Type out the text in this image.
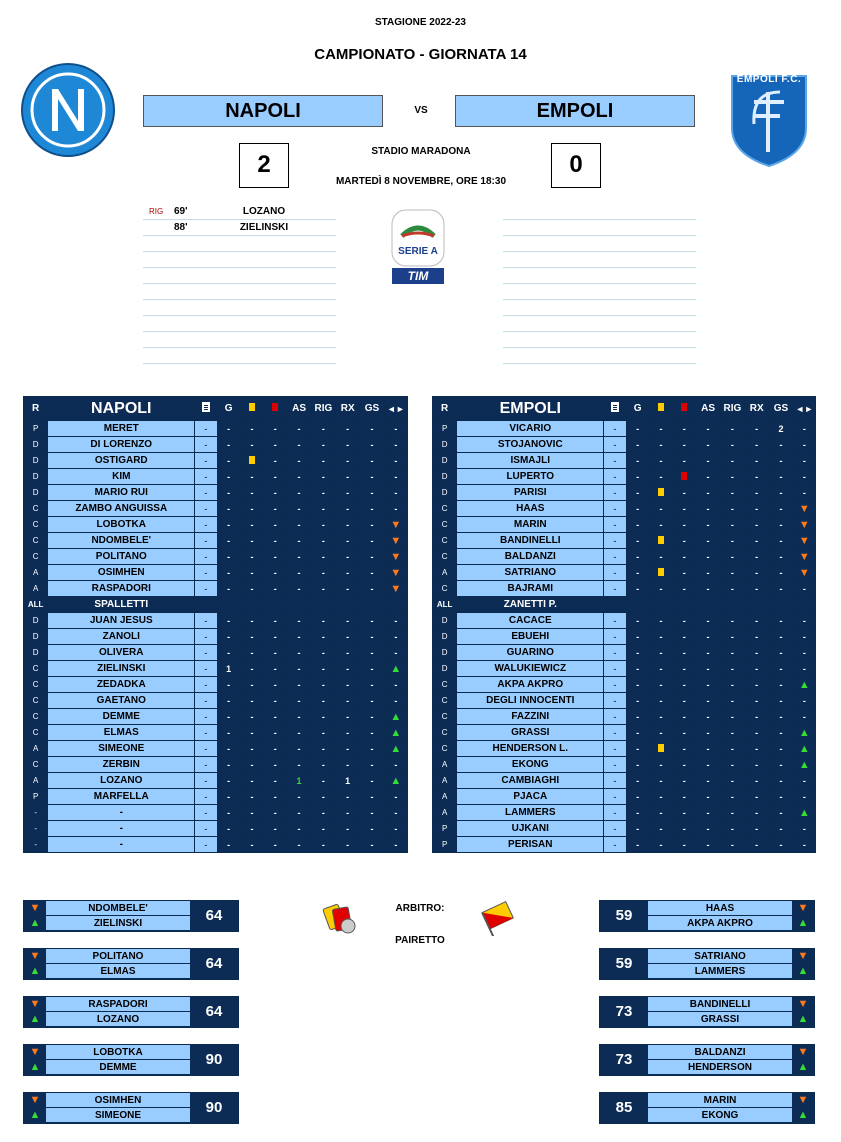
STAGIONE 2022-23
CAMPIONATO - GIORNATA 14
EMPOLI F.C.
NAPOLI	VS	EMPOLI
2	0
STADIO MARADONA
MARTEDÌ 8 NOVEMBRE, ORE 18:30
SERIE A
TIM
RIG 69'	LOZANO
88'	ZIELINSKI
R	NAPOLI		G			AS	RIG	RX	GS	◄►
P	MERET	-	-	-	-	-	-	-	-	-
D	DI LORENZO	-	-	-	-	-	-	-	-	-
D	OSTIGARD	-	-		-	-	-	-	-	-
D	KIM	-	-	-	-	-	-	-	-	-
D	MARIO RUI	-	-	-	-	-	-	-	-	-
C	ZAMBO ANGUISSA	-	-	-	-	-	-	-	-	-
C	LOBOTKA	-	-	-	-	-	-	-	-	▼
C	NDOMBELE'	-	-	-	-	-	-	-	-	▼
C	POLITANO	-	-	-	-	-	-	-	-	▼
A	OSIMHEN	-	-	-	-	-	-	-	-	▼
A	RASPADORI	-	-	-	-	-	-	-	-	▼
ALL	SPALLETTI									
D	JUAN JESUS	-	-	-	-	-	-	-	-	-
D	ZANOLI	-	-	-	-	-	-	-	-	-
D	OLIVERA	-	-	-	-	-	-	-	-	-
C	ZIELINSKI	-	1	-	-	-	-	-	-	▲
C	ZEDADKA	-	-	-	-	-	-	-	-	-
C	GAETANO	-	-	-	-	-	-	-	-	-
C	DEMME	-	-	-	-	-	-	-	-	▲
C	ELMAS	-	-	-	-	-	-	-	-	▲
A	SIMEONE	-	-	-	-	-	-	-	-	▲
C	ZERBIN	-	-	-	-	-	-	-	-	-
A	LOZANO	-	-	-	-	1	-	1	-	▲
P	MARFELLA	-	-	-	-	-	-	-	-	-
-	-	-	-	-	-	-	-	-	-	-
-	-	-	-	-	-	-	-	-	-	-
-	-	-	-	-	-	-	-	-	-	-
R	EMPOLI		G			AS	RIG	RX	GS	◄►
P	VICARIO	-	-	-	-	-	-	-	2	-
D	STOJANOVIC	-	-	-	-	-	-	-	-	-
D	ISMAJLI	-	-	-	-	-	-	-	-	-
D	LUPERTO	-	-	-		-	-	-	-	-
D	PARISI	-	-		-	-	-	-	-	-
C	HAAS	-	-	-	-	-	-	-	-	▼
C	MARIN	-	-	-	-	-	-	-	-	▼
C	BANDINELLI	-	-		-	-	-	-	-	▼
C	BALDANZI	-	-	-	-	-	-	-	-	▼
A	SATRIANO	-	-		-	-	-	-	-	▼
C	BAJRAMI	-	-	-	-	-	-	-	-	-
ALL	ZANETTI P.									
D	CACACE	-	-	-	-	-	-	-	-	-
D	EBUEHI	-	-	-	-	-	-	-	-	-
D	GUARINO	-	-	-	-	-	-	-	-	-
D	WALUKIEWICZ	-	-	-	-	-	-	-	-	-
C	AKPA AKPRO	-	-	-	-	-	-	-	-	▲
C	DEGLI INNOCENTI	-	-	-	-	-	-	-	-	-
C	FAZZINI	-	-	-	-	-	-	-	-	-
C	GRASSI	-	-	-	-	-	-	-	-	▲
C	HENDERSON L.	-	-		-	-	-	-	-	▲
A	EKONG	-	-	-	-	-	-	-	-	▲
A	CAMBIAGHI	-	-	-	-	-	-	-	-	-
A	PJACA	-	-	-	-	-	-	-	-	-
A	LAMMERS	-	-	-	-	-	-	-	-	▲
P	UJKANI	-	-	-	-	-	-	-	-	-
P	PERISAN	-	-	-	-	-	-	-	-	-
▼
▲
NDOMBELE'
ZIELINSKI	64
▼
▲
POLITANO
ELMAS	64
▼
▲
RASPADORI
LOZANO	64
▼
▲
LOBOTKA
DEMME	90
▼
▲
OSIMHEN
SIMEONE	90
▼
▲
HAAS
AKPA AKPRO
59
▼
▲
SATRIANO
LAMMERS
59
▼
▲
BANDINELLI
GRASSI
73
▼
▲
BALDANZI
HENDERSON
73
▼
▲
MARIN
EKONG
85
ARBITRO:
PAIRETTO
